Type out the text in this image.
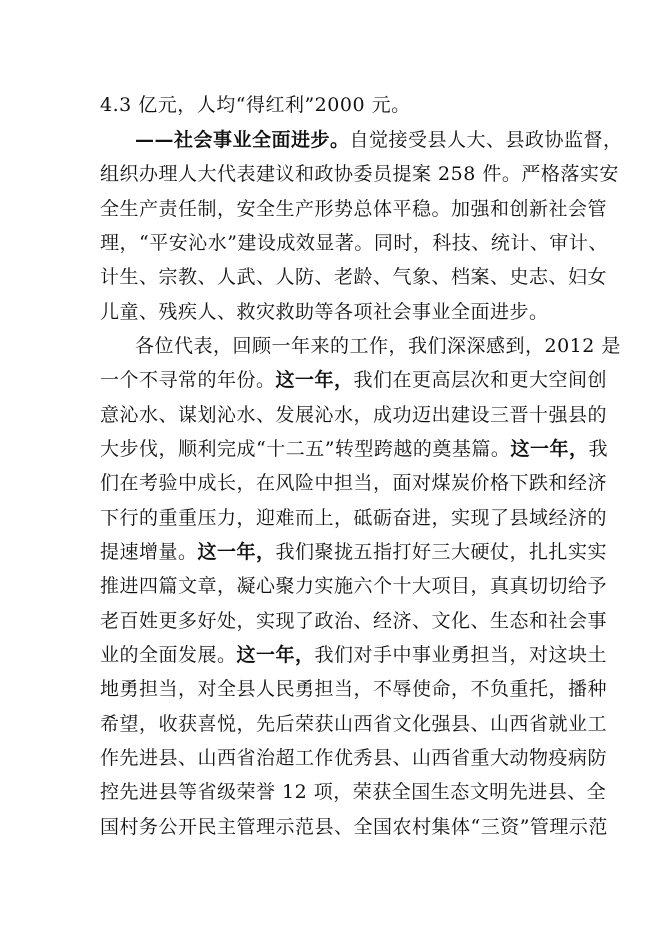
4.3 亿元，人均“得红利”2000 元。
——社会事业全面进步。自觉接受县人大、县政协监督，
组织办理人大代表建议和政协委员提案 258 件。严格落实安
全生产责任制，安全生产形势总体平稳。加强和创新社会管
理，“平安沁水”建设成效显著。同时，科技、统计、审计、
计生、宗教、人武、人防、老龄、气象、档案、史志、妇女
儿童、残疾人、救灾救助等各项社会事业全面进步。
各位代表，回顾一年来的工作，我们深深感到，2012 是
一个不寻常的年份。这一年，我们在更高层次和更大空间创
意沁水、谋划沁水、发展沁水，成功迈出建设三晋十强县的
大步伐，顺利完成“十二五”转型跨越的奠基篇。这一年，我
们在考验中成长，在风险中担当，面对煤炭价格下跌和经济
下行的重重压力，迎难而上，砥砺奋进，实现了县域经济的
提速增量。这一年，我们聚拢五指打好三大硬仗，扎扎实实
推进四篇文章，凝心聚力实施六个十大项目，真真切切给予
老百姓更多好处，实现了政治、经济、文化、生态和社会事
业的全面发展。这一年，我们对手中事业勇担当，对这块土
地勇担当，对全县人民勇担当，不辱使命，不负重托，播种
希望，收获喜悦，先后荣获山西省文化强县、山西省就业工
作先进县、山西省治超工作优秀县、山西省重大动物疫病防
控先进县等省级荣誉 12 项，荣获全国生态文明先进县、全
国村务公开民主管理示范县、全国农村集体“三资”管理示范
